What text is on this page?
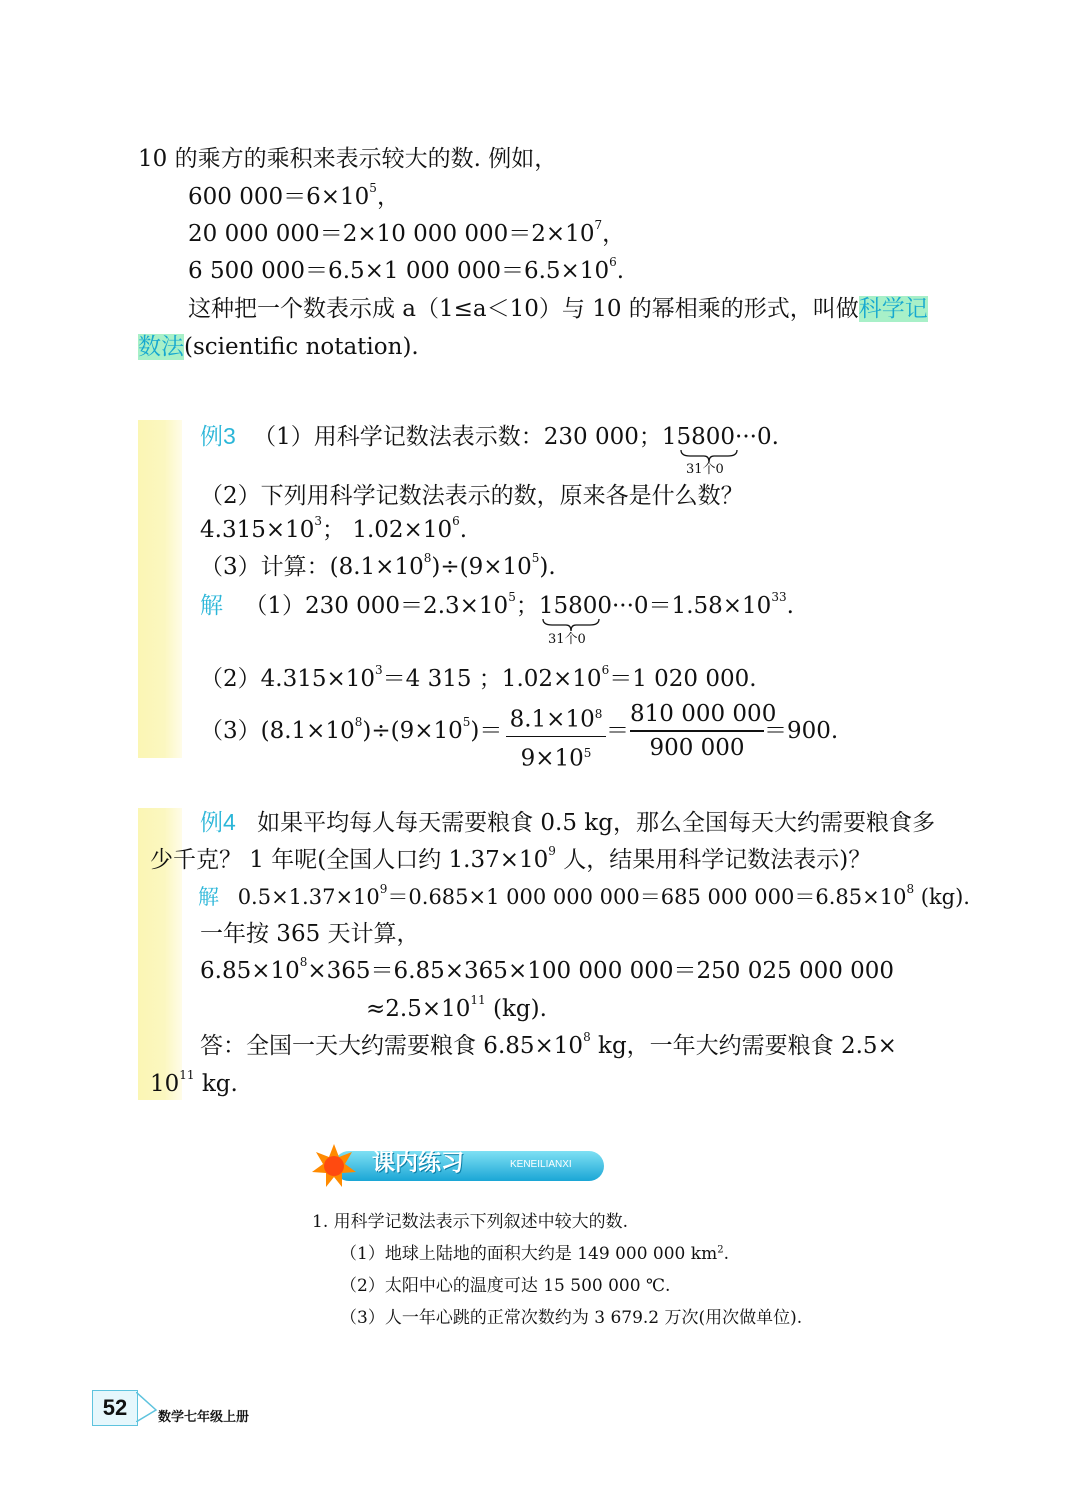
10 的乘方的乘积来表示较大的数. 例如，
600 $000=6\times 10^5$，
20 000 000＝2×10 000 $000=2\times 10^7$，
6 500 000＝6.5×1 000 $000=6.5\times 10^6$.
这种把一个数表示成 a（1≤a＜10）与 10 的幂相乘的形式，叫做科学记
数法(scientific notation).
例3 （1）用科学记数法表示数：230 000；15800···0.
31个0
（2）下列用科学记数法表示的数，原来各是什么数？
$4.315\times 10^3$； $1.02\times 10^6$.
（3）计算：$(8.1\times 10^8)\div(9\times 10^5)$.
解 （1）230 $000=2.3\times 10^5$；$15800\cdot\cdot\cdot 0=1.58\times 10^{33}$.
31个0
$(2)4.315\times 10^3=4$ 315 ；$1.02\times 10^6=1$ 020 000.
$(3)(8.1\times 10^8)\div(9\times 10^5)= 8.1\times 10^8$
$9\times 10^5$
＝
810 000 000
900 000
＝900.
例4 如果平均每人每天需要粮食 0.5 kg，那么全国每天大约需要粮食多
少千克？ 1 年呢(全国人口约 $1.37\times 10^9$ 人，结果用科学记数法表示)？
解 $0.5\times 1.37\times 10^9=0.685\times 1$ 000 000 000＝685 000 $000=6.85\times 10^8$ (kg).
一年按 365 天计算，
$6.85\times 10^8\times 365=6.85\times 365\times 100$ 000 000＝250 025 000 000
$\approx 2.5\times 10^{11}$ (kg).
答：全国一天大约需要粮食 $6.85\times 10^8$ kg，一年大约需要粮食 2.5×
$10^{11}$ kg.
课内练习	KENEILIANXI
1. 用科学记数法表示下列叙述中较大的数.
（1）地球上陆地的面积大约是 149 000 000 $km^2$.
（2）太阳中心的温度可达 15 500 000 ℃.
（3）人一年心跳的正常次数约为 3 679.2 万次(用次做单位).
52	数学七年级上册
